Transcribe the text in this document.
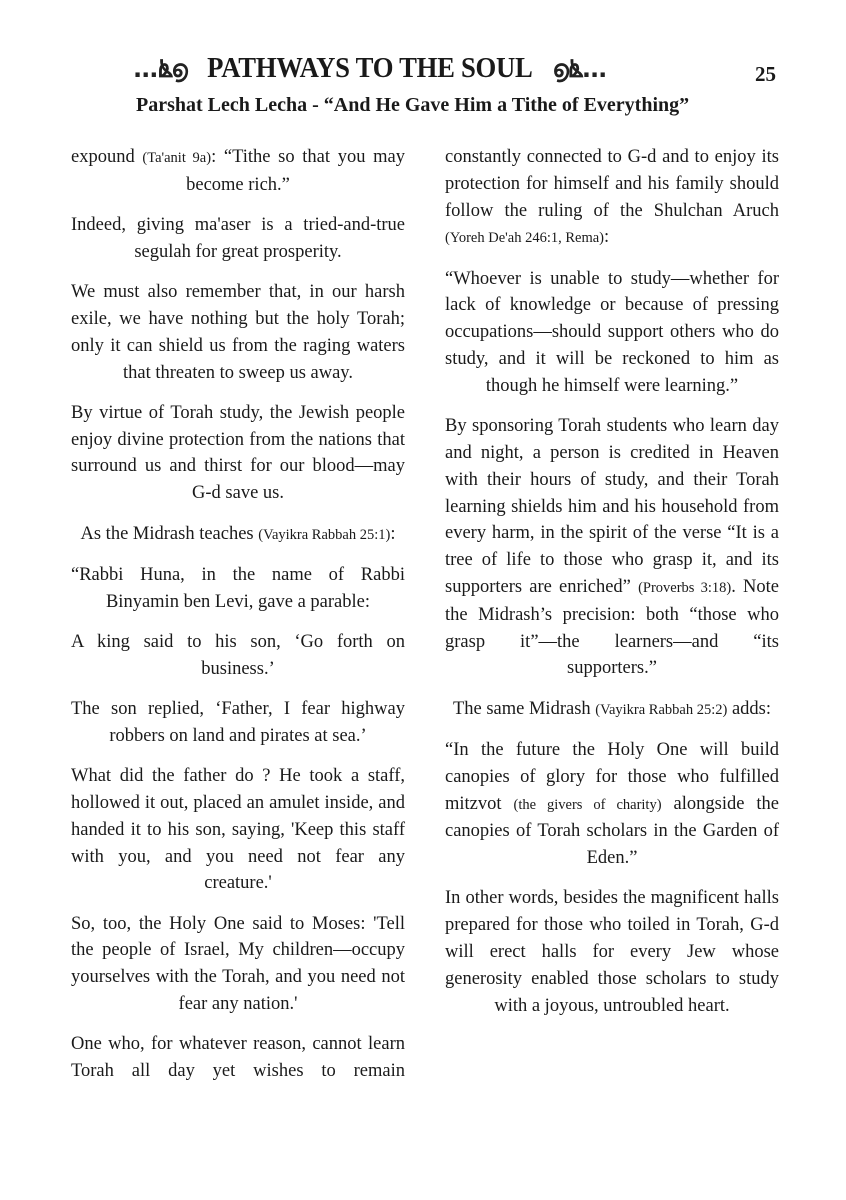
...ൔ൭ PATHWAYS TO THE SOUL ൭ൔ...	25
Parshat Lech Lecha - “And He Gave Him a Tithe of Everything”

expound (Ta'anit 9a): “Tithe so that you may become rich.”

Indeed, giving ma'aser is a tried-and-true segulah for great prosperity.

We must also remember that, in our harsh exile, we have nothing but the holy Torah; only it can shield us from the raging waters that threaten to sweep us away.

By virtue of Torah study, the Jewish people enjoy divine protection from the nations that surround us and thirst for our blood—may G-d save us.

As the Midrash teaches (Vayikra Rabbah 25:1):

“Rabbi Huna, in the name of Rabbi Binyamin ben Levi, gave a parable:

A king said to his son, ‘Go forth on business.’

The son replied, ‘Father, I fear highway robbers on land and pirates at sea.’

What did the father do ? He took a staff, hollowed it out, placed an amulet inside, and handed it to his son, saying, 'Keep this staff with you, and you need not fear any creature.'

So, too, the Holy One said to Moses: 'Tell the people of Israel, My children—occupy yourselves with the Torah, and you need not fear any nation.'

One who, for whatever reason, cannot learn Torah all day yet wishes to remain

constantly connected to G-d and to enjoy its protection for himself and his family should follow the ruling of the Shulchan Aruch (Yoreh De'ah 246:1, Rema):

“Whoever is unable to study—whether for lack of knowledge or because of pressing occupations—should support others who do study, and it will be reckoned to him as though he himself were learning.”

By sponsoring Torah students who learn day and night, a person is credited in Heaven with their hours of study, and their Torah learning shields him and his household from every harm, in the spirit of the verse “It is a tree of life to those who grasp it, and its supporters are enriched” (Proverbs 3:18). Note the Midrash’s precision: both “those who grasp it”—the learners—and “its supporters.”

The same Midrash (Vayikra Rabbah 25:2) adds:

“In the future the Holy One will build canopies of glory for those who fulfilled mitzvot (the givers of charity) alongside the canopies of Torah scholars in the Garden of Eden.”

In other words, besides the magnificent halls prepared for those who toiled in Torah, G-d will erect halls for every Jew whose generosity enabled those scholars to study with a joyous, untroubled heart.
